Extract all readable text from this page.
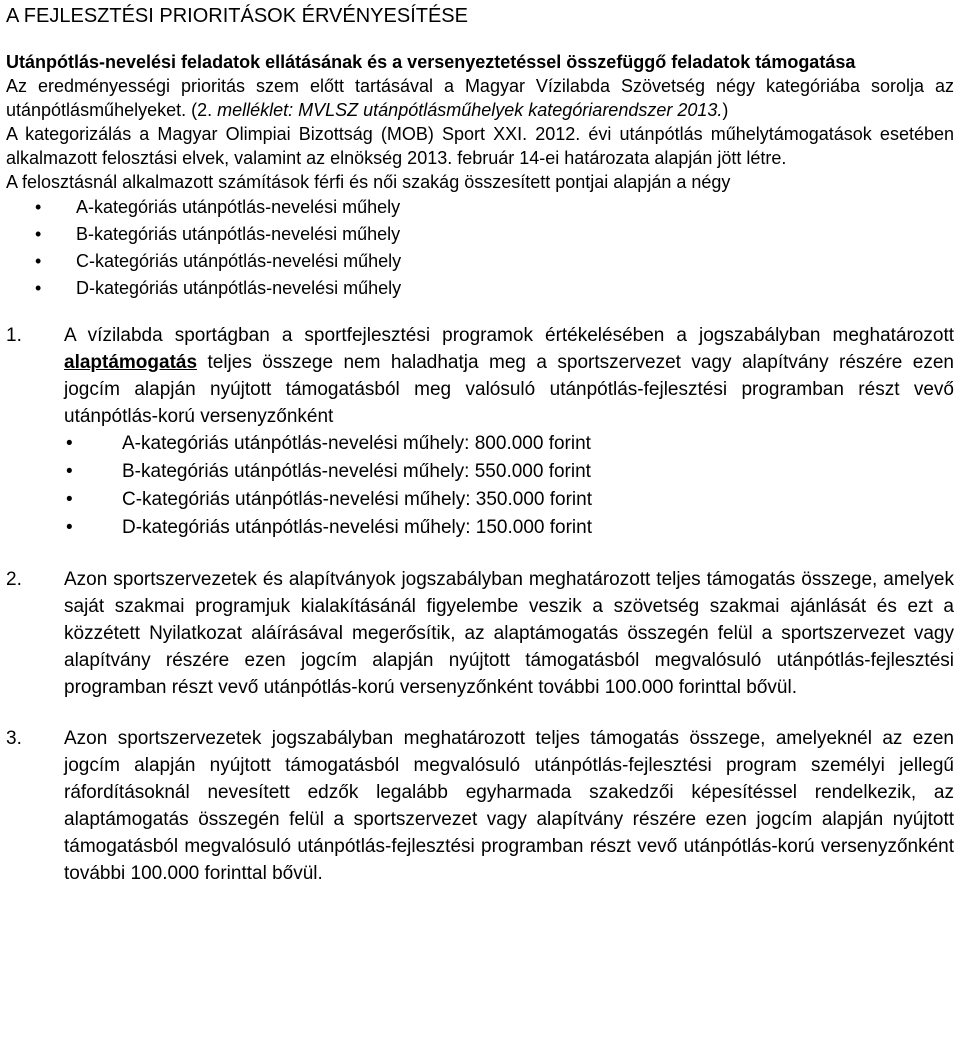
A FEJLESZTÉSI PRIORITÁSOK ÉRVÉNYESÍTÉSE
Utánpótlás-nevelési feladatok ellátásának és a versenyeztetéssel összefüggő feladatok támogatása

Az eredményességi prioritás szem előtt tartásával a Magyar Vízilabda Szövetség négy kategóriába sorolja az utánpótlásműhelyeket. (2. melléklet: MVLSZ utánpótlásműhelyek kategóriarendszer 2013.)

A kategorizálás a Magyar Olimpiai Bizottság (MOB) Sport XXI. 2012. évi utánpótlás műhelytámogatások esetében alkalmazott felosztási elvek, valamint az elnökség 2013. február 14-ei határozata alapján jött létre.

A felosztásnál alkalmazott számítások férfi és női szakág összesített pontjai alapján a négy

• A-kategóriás utánpótlás-nevelési műhely
• B-kategóriás utánpótlás-nevelési műhely
• C-kategóriás utánpótlás-nevelési műhely
• D-kategóriás utánpótlás-nevelési műhely
1. A vízilabda sportágban a sportfejlesztési programok értékelésében a jogszabályban meghatározott alaptámogatás teljes összege nem haladhatja meg a sportszervezet vagy alapítvány részére ezen jogcím alapján nyújtott támogatásból meg valósuló utánpótlás-fejlesztési programban részt vevő utánpótlás-korú versenyzőnként
•	A-kategóriás utánpótlás-nevelési műhely: 800.000 forint
•	B-kategóriás utánpótlás-nevelési műhely: 550.000 forint
•	C-kategóriás utánpótlás-nevelési műhely: 350.000 forint
•	D-kategóriás utánpótlás-nevelési műhely: 150.000 forint
2. Azon sportszervezetek és alapítványok jogszabályban meghatározott teljes támogatás összege, amelyek saját szakmai programjuk kialakításánál figyelembe veszik a szövetség szakmai ajánlását és ezt a közzétett Nyilatkozat aláírásával megerősítik, az alaptámogatás összegén felül a sportszervezet vagy alapítvány részére ezen jogcím alapján nyújtott támogatásból megvalósuló utánpótlás-fejlesztési programban részt vevő utánpótlás-korú versenyzőnként további 100.000 forinttal bővül.
3. Azon sportszervezetek jogszabályban meghatározott teljes támogatás összege, amelyeknél az ezen jogcím alapján nyújtott támogatásból megvalósuló utánpótlás-fejlesztési program személyi jellegű ráfordításoknál nevesített edzők legalább egyharmada szakedzői képesítéssel rendelkezik, az alaptámogatás összegén felül a sportszervezet vagy alapítvány részére ezen jogcím alapján nyújtott támogatásból megvalósuló utánpótlás-fejlesztési programban részt vevő utánpótlás-korú versenyzőnként további 100.000 forinttal bővül.
